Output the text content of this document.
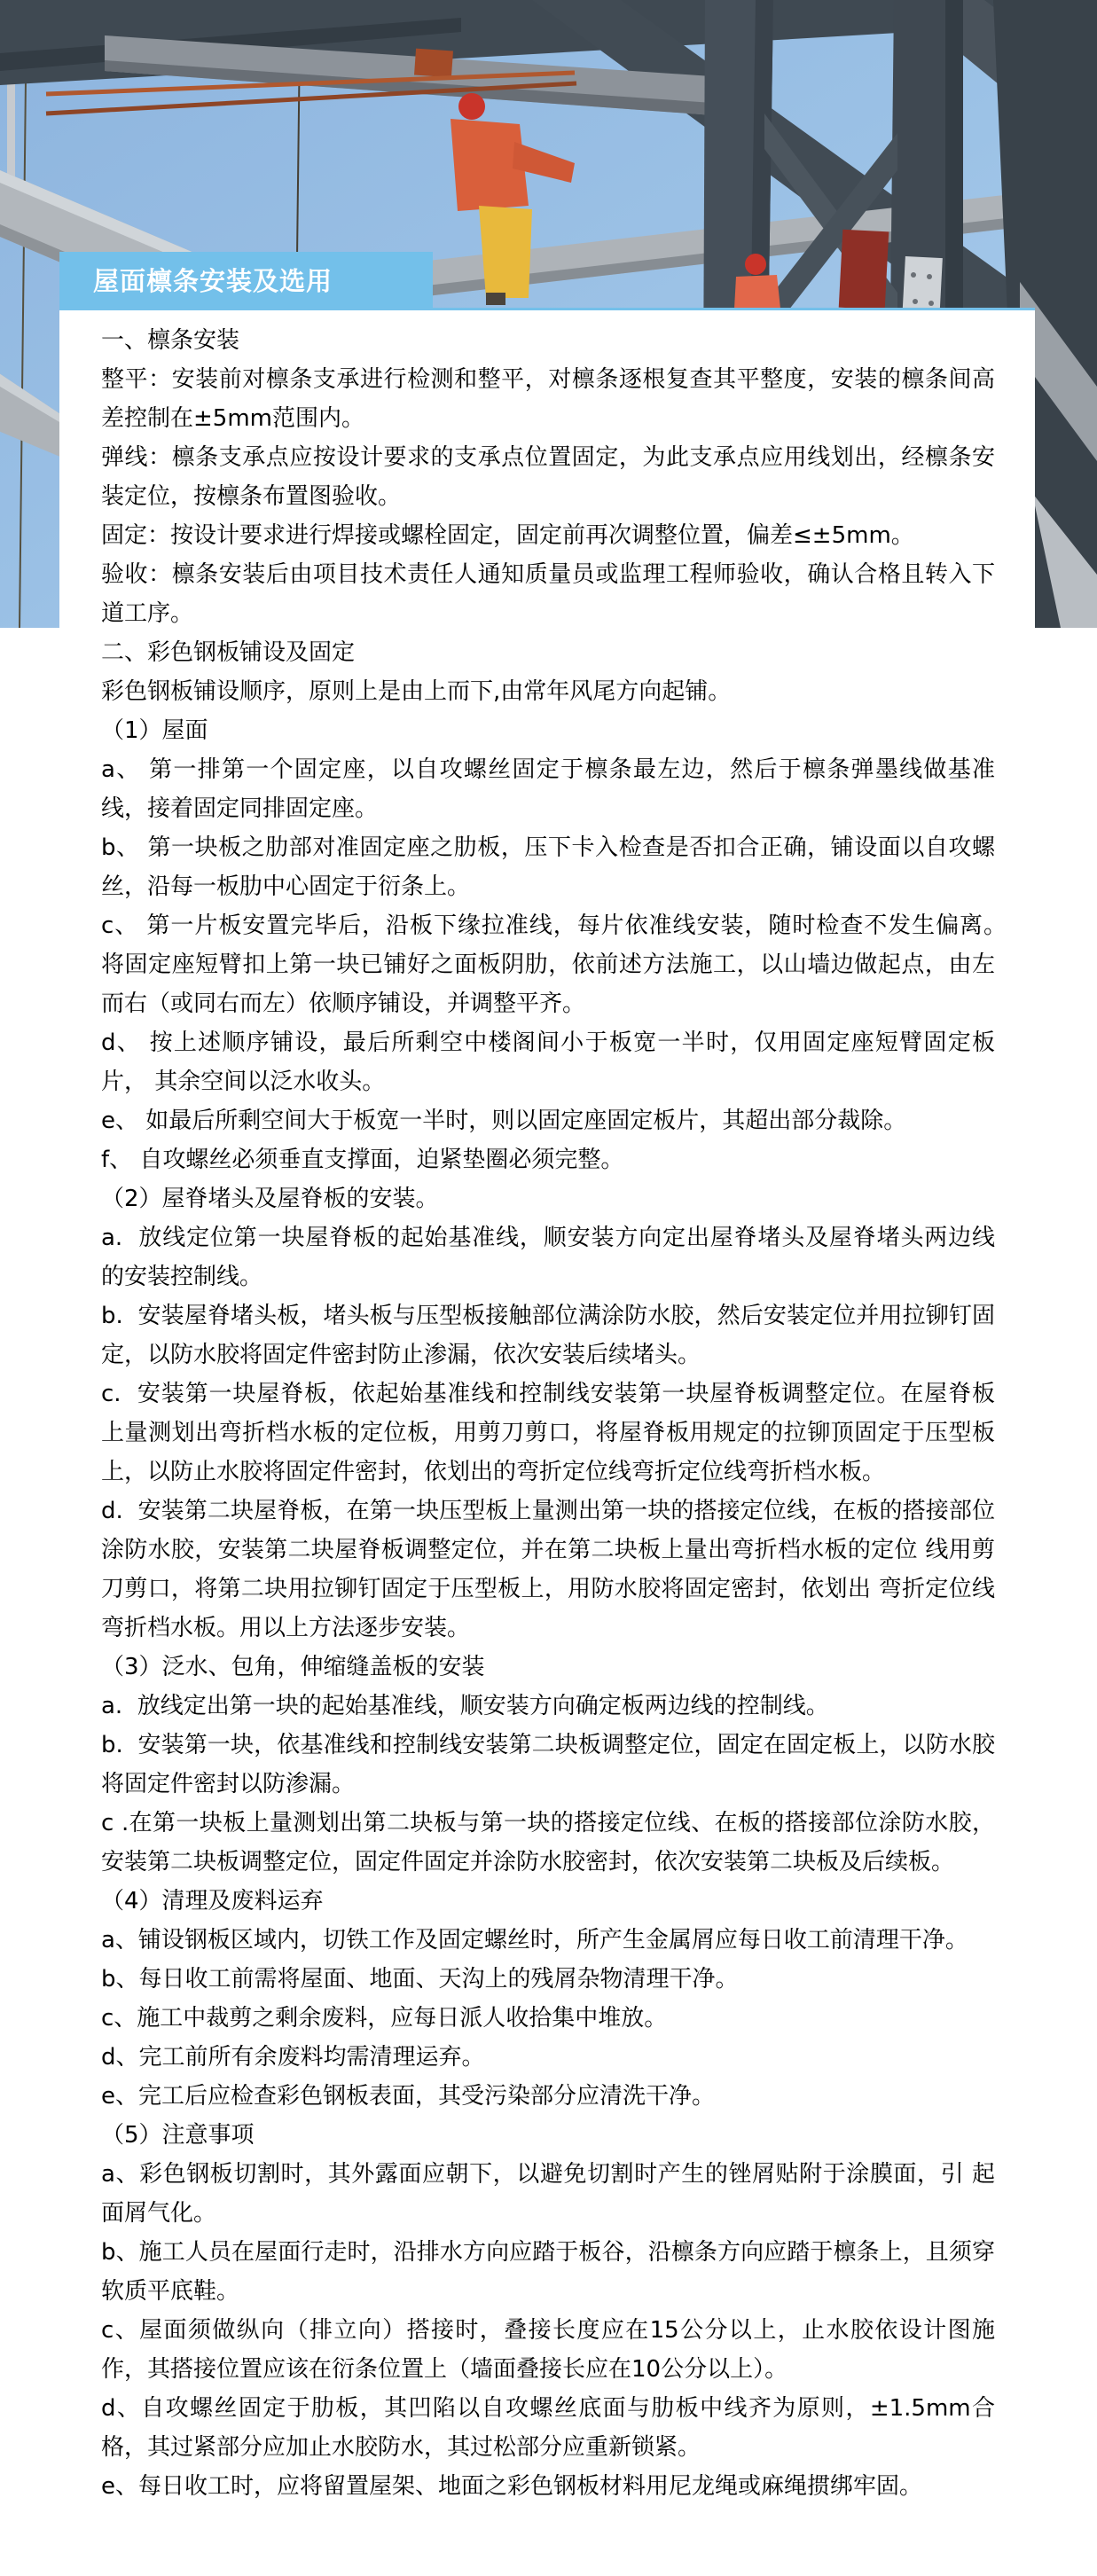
屋面檩条安装及选用

一、檩条安装

整平：安装前对檩条支承进行检测和整平，对檩条逐根复查其平整度，安装的檩条间高差控制在±5mm范围内。

弹线：檩条支承点应按设计要求的支承点位置固定，为此支承点应用线划出，经檩条安装定位，按檩条布置图验收。

固定：按设计要求进行焊接或螺栓固定，固定前再次调整位置，偏差≤±5mm。

验收：檩条安装后由项目技术责任人通知质量员或监理工程师验收，确认合格且转入下道工序。

二、彩色钢板铺设及固定

彩色钢板铺设顺序，原则上是由上而下,由常年风尾方向起铺。

（1）屋面

a、 第一排第一个固定座，以自攻螺丝固定于檩条最左边，然后于檩条弹墨线做基准　　线，接着固定同排固定座。

b、 第一块板之肋部对准固定座之肋板，压下卡入检查是否扣合正确，铺设面以自攻螺 丝，沿每一板肋中心固定于衍条上。

c、 第一片板安置完毕后，沿板下缘拉准线，每片依准线安装，随时检查不发生偏离。　将固定座短臂扣上第一块已铺好之面板阴肋，依前述方法施工，以山墙边做起点，由左而右（或同右而左）依顺序铺设，并调整平齐。

d、 按上述顺序铺设，最后所剩空中楼阁间小于板宽一半时，仅用固定座短臂固定板片， 其余空间以泛水收头。

e、 如最后所剩空间大于板宽一半时，则以固定座固定板片，其超出部分裁除。

f、 自攻螺丝必须垂直支撑面，迫紧垫圈必须完整。

（2）屋脊堵头及屋脊板的安装。

a.  放线定位第一块屋脊板的起始基准线，顺安装方向定出屋脊堵头及屋脊堵头两边线 的安装控制线。

b.  安装屋脊堵头板，堵头板与压型板接触部位满涂防水胶，然后安装定位并用拉铆钉固定，以防水胶将固定件密封防止渗漏，依次安装后续堵头。

c.  安装第一块屋脊板，依起始基准线和控制线安装第一块屋脊板调整定位。在屋脊板 上量测划出弯折档水板的定位板，用剪刀剪口，将屋脊板用规定的拉铆顶固定于压型板上，以防止水胶将固定件密封，依划出的弯折定位线弯折定位线弯折档水板。

d.  安装第二块屋脊板，在第一块压型板上量测出第一块的搭接定位线，在板的搭接部位涂防水胶，安装第二块屋脊板调整定位，并在第二块板上量出弯折档水板的定位 线用剪刀剪口，将第二块用拉铆钉固定于压型板上，用防水胶将固定密封，依划出 弯折定位线弯折档水板。用以上方法逐步安装。

（3）泛水、包角，伸缩缝盖板的安装

a.  放线定出第一块的起始基准线，顺安装方向确定板两边线的控制线。

b.  安装第一块，依基准线和控制线安装第二块板调整定位，固定在固定板上，以防水胶将固定件密封以防渗漏。

c .在第一块板上量测划出第二块板与第一块的搭接定位线、在板的搭接部位涂防水胶，安装第二块板调整定位，固定件固定并涂防水胶密封，依次安装第二块板及后续板。

（4）清理及废料运弃

a、铺设钢板区域内，切铁工作及固定螺丝时，所产生金属屑应每日收工前清理干净。

b、每日收工前需将屋面、地面、天沟上的残屑杂物清理干净。

c、施工中裁剪之剩余废料，应每日派人收拾集中堆放。

d、完工前所有余废料均需清理运弃。

e、完工后应检查彩色钢板表面，其受污染部分应清洗干净。

（5）注意事项

a、彩色钢板切割时，其外露面应朝下，以避免切割时产生的锉屑贴附于涂膜面，引 起面屑气化。

b、施工人员在屋面行走时，沿排水方向应踏于板谷，沿檩条方向应踏于檩条上，且须穿软质平底鞋。

c、屋面须做纵向（排立向）搭接时，叠接长度应在15公分以上，止水胶依设计图施作，其搭接位置应该在衍条位置上（墙面叠接长应在10公分以上）。

d、自攻螺丝固定于肋板，其凹陷以自攻螺丝底面与肋板中线齐为原则，±1.5mm合格，其过紧部分应加止水胶防水，其过松部分应重新锁紧。

e、每日收工时，应将留置屋架、地面之彩色钢板材料用尼龙绳或麻绳掼绑牢固。
